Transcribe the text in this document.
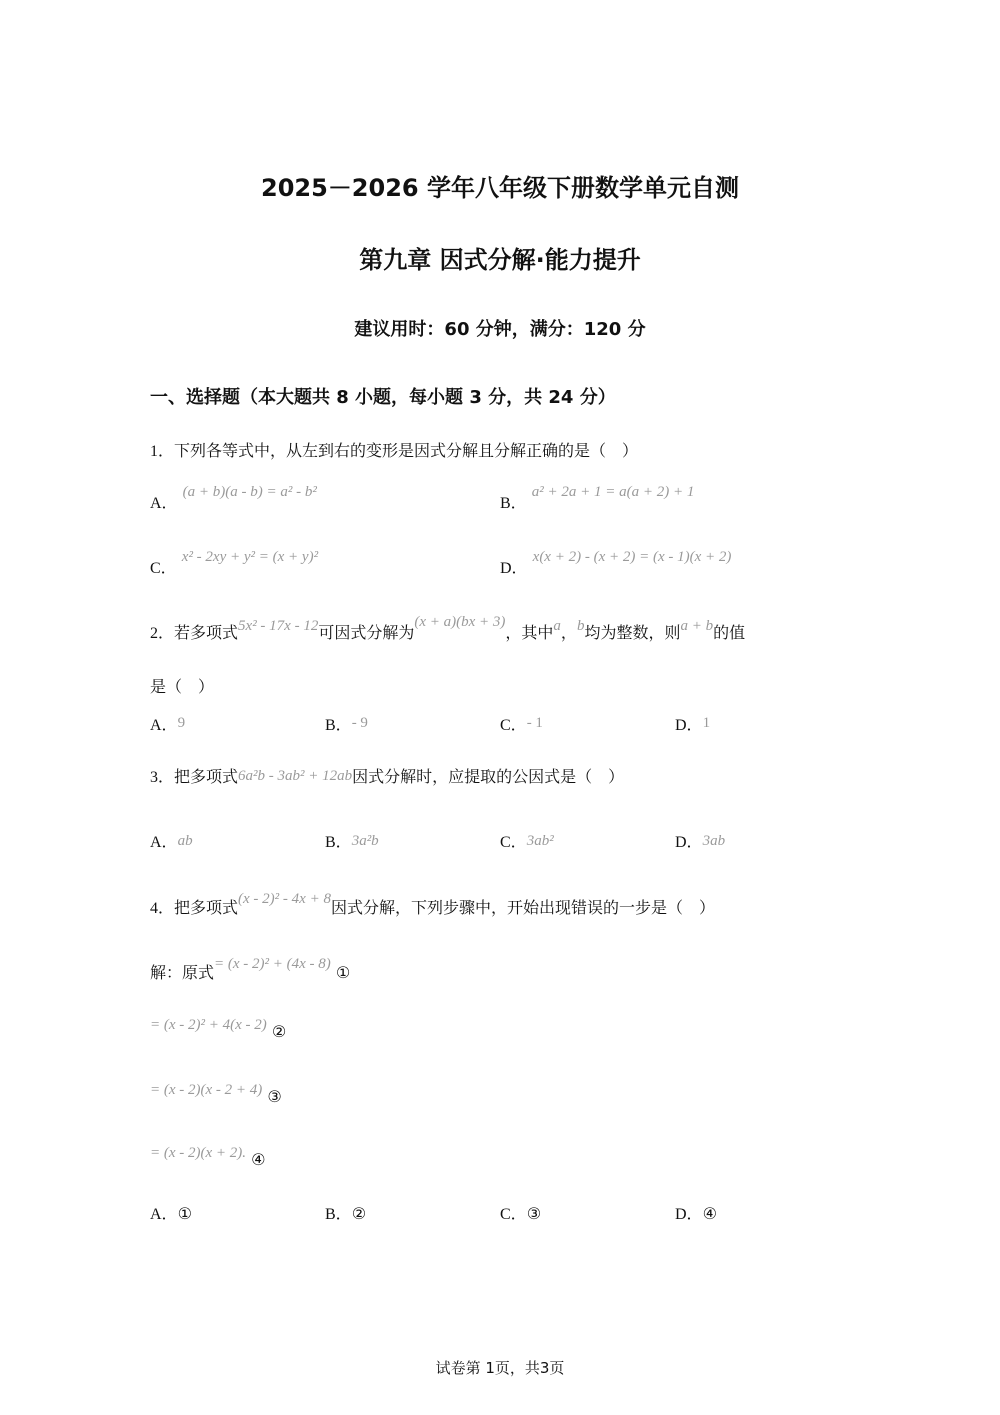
2025－2026 学年八年级下册数学单元自测
第九章 因式分解·能力提升
建议用时：60 分钟，满分：120 分
一、选择题（本大题共 8 小题，每小题 3 分，共 24 分）
1．下列各等式中，从左到右的变形是因式分解且分解正确的是（　）
A． (a + b)(a - b) = a² - b²
B． a² + 2a + 1 = a(a + 2) + 1
C． x² - 2xy + y² = (x + y)²
D． x(x + 2) - (x + 2) = (x - 1)(x + 2)
2．若多项式5x² - 17x - 12可因式分解为(x + a)(bx + 3)，其中a，b均为整数，则a + b的值
是（　）
A．9	B．- 9	C．- 1	D．1
3．把多项式6a²b - 3ab² + 12ab因式分解时，应提取的公因式是（　）
A．ab	B．3a²b	C．3ab²	D．3ab
4．把多项式(x - 2)² - 4x + 8因式分解，下列步骤中，开始出现错误的一步是（　）
解：原式= (x - 2)² + (4x - 8) ①
= (x - 2)² + 4(x - 2) ②
= (x - 2)(x - 2 + 4) ③
= (x - 2)(x + 2). ④
A．①	B．②	C．③	D．④
试卷第 1页，共3页
